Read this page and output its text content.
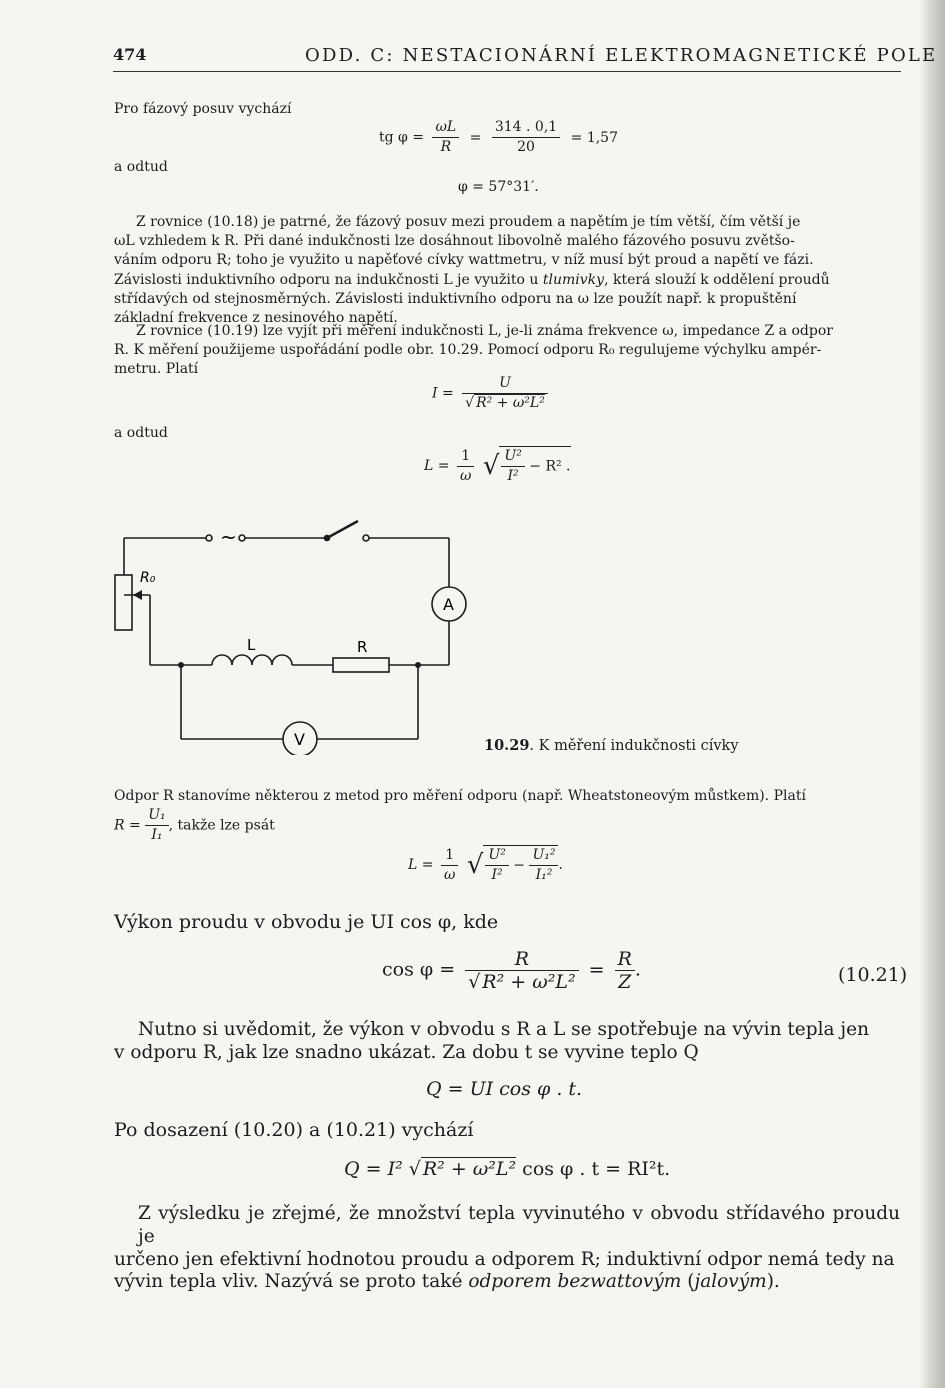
474	ODD. C: NESTACIONÁRNÍ ELEKTROMAGNETICKÉ POLE
Pro fázový posuv vychází
a odtud
tg $\varphi = \frac{\omega L}{R} = \frac{314 . 0,1}{20} = 1,57$
φ = 57°31′.
Z rovnice (10.18) je patrné, že fázový posuv mezi proudem a napětím je tím větší, čím větší je
ωL vzhledem k R. Při dané indukčnosti lze dosáhnout libovolně malého fázového posuvu zvětšo-
váním odporu R; toho je využito u napěťové cívky wattmetru, v níž musí být proud a napětí ve fázi.
Závislosti induktivního odporu na indukčnosti L je využito u tlumivky, která slouží k oddělení proudů
střídavých od stejnosměrných. Závislosti induktivního odporu na ω lze použít např. k propuštění
základní frekvence z nesinového napětí.
Z rovnice (10.19) lze vyjít při měření indukčnosti L, je-li známa frekvence ω, impedance Z a odpor
R. K měření použijeme uspořádání podle obr. 10.29. Pomocí odporu R₀ regulujeme výchylku ampér-
metru. Platí
$I = \frac{U}{\text{√ R² + ω²L²}}$
a odtud
$L = \frac{1}{\omega}$ √ $\frac{\text{U²}}{\text{I²}} - R^2$ .
~
R₀
L	R
A
V	10.29. K měření indukčnosti cívky
Odpor R stanovíme některou z metod pro měření odporu (např. Wheatstoneovým můstkem). Platí
$R = \frac{\text{U₁}}{\text{I₁}}$ , takže lze psát
$L = \frac{1}{\omega}$ √ $\frac{\text{U²}}{\text{I²}} - \frac{\text{U₁²}}{\text{I₁²}}$ .
Výkon proudu v obvodu je UI cos φ, kde
$\cos \varphi = \frac{R}{\text{√ R² + ω²L²}} = \frac{R}{Z}$ .	(10.21)
Nutno si uvědomit, že výkon v obvodu s R a L se spotřebuje na vývin tepla jen
v odporu R, jak lze snadno ukázat. Za dobu t se vyvine teplo Q
Q = UI cos φ . t.
Po dosazení (10.20) a (10.21) vychází
Q = I² √ R² + ω²L² cos φ . t = RI²t.
Z výsledku je zřejmé, že množství tepla vyvinutého v obvodu střídavého proudu je
určeno jen efektivní hodnotou proudu a odporem R; induktivní odpor nemá tedy na
vývin tepla vliv. Nazývá se proto také odporem bezwattovým (jalovým).
